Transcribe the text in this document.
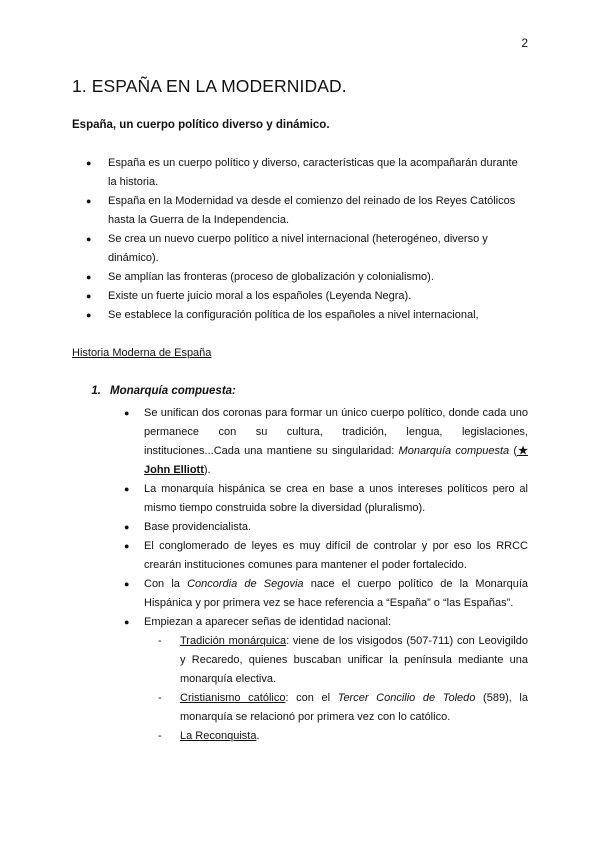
2
1. ESPAÑA EN LA MODERNIDAD.
España, un cuerpo político diverso y dinámico.
● España es un cuerpo político y diverso, características que la acompañarán durante la historia.
● España en la Modernidad va desde el comienzo del reinado de los Reyes Católicos hasta la Guerra de la Independencia.
● Se crea un nuevo cuerpo político a nivel internacional (heterogéneo, diverso y dinámico).
● Se amplían las fronteras (proceso de globalización y colonialismo).
● Existe un fuerte juicio moral a los españoles (Leyenda Negra).
● Se establece la configuración política de los españoles a nivel internacional,
Historia Moderna de España
1. Monarquía compuesta:
● Se unifican dos coronas para formar un único cuerpo político, donde cada uno permanece con su cultura, tradición, lengua, legislaciones, instituciones...Cada una mantiene su singularidad: Monarquía compuesta (★ John Elliott).
● La monarquía hispánica se crea en base a unos intereses políticos pero al mismo tiempo construida sobre la diversidad (pluralismo).
● Base providencialista.
● El conglomerado de leyes es muy difícil de controlar y por eso los RRCC crearán instituciones comunes para mantener el poder fortalecido.
● Con la Concordia de Segovia nace el cuerpo político de la Monarquía Hispánica y por primera vez se hace referencia a “España” o “las Españas”.
● Empiezan a aparecer señas de identidad nacional:
- Tradición monárquica: viene de los visigodos (507-711) con Leovigildo y Recaredo, quienes buscaban unificar la península mediante una monarquía electiva.
- Cristianismo católico: con el Tercer Concilio de Toledo (589), la monarquía se relacionó por primera vez con lo católico.
- La Reconquista.
